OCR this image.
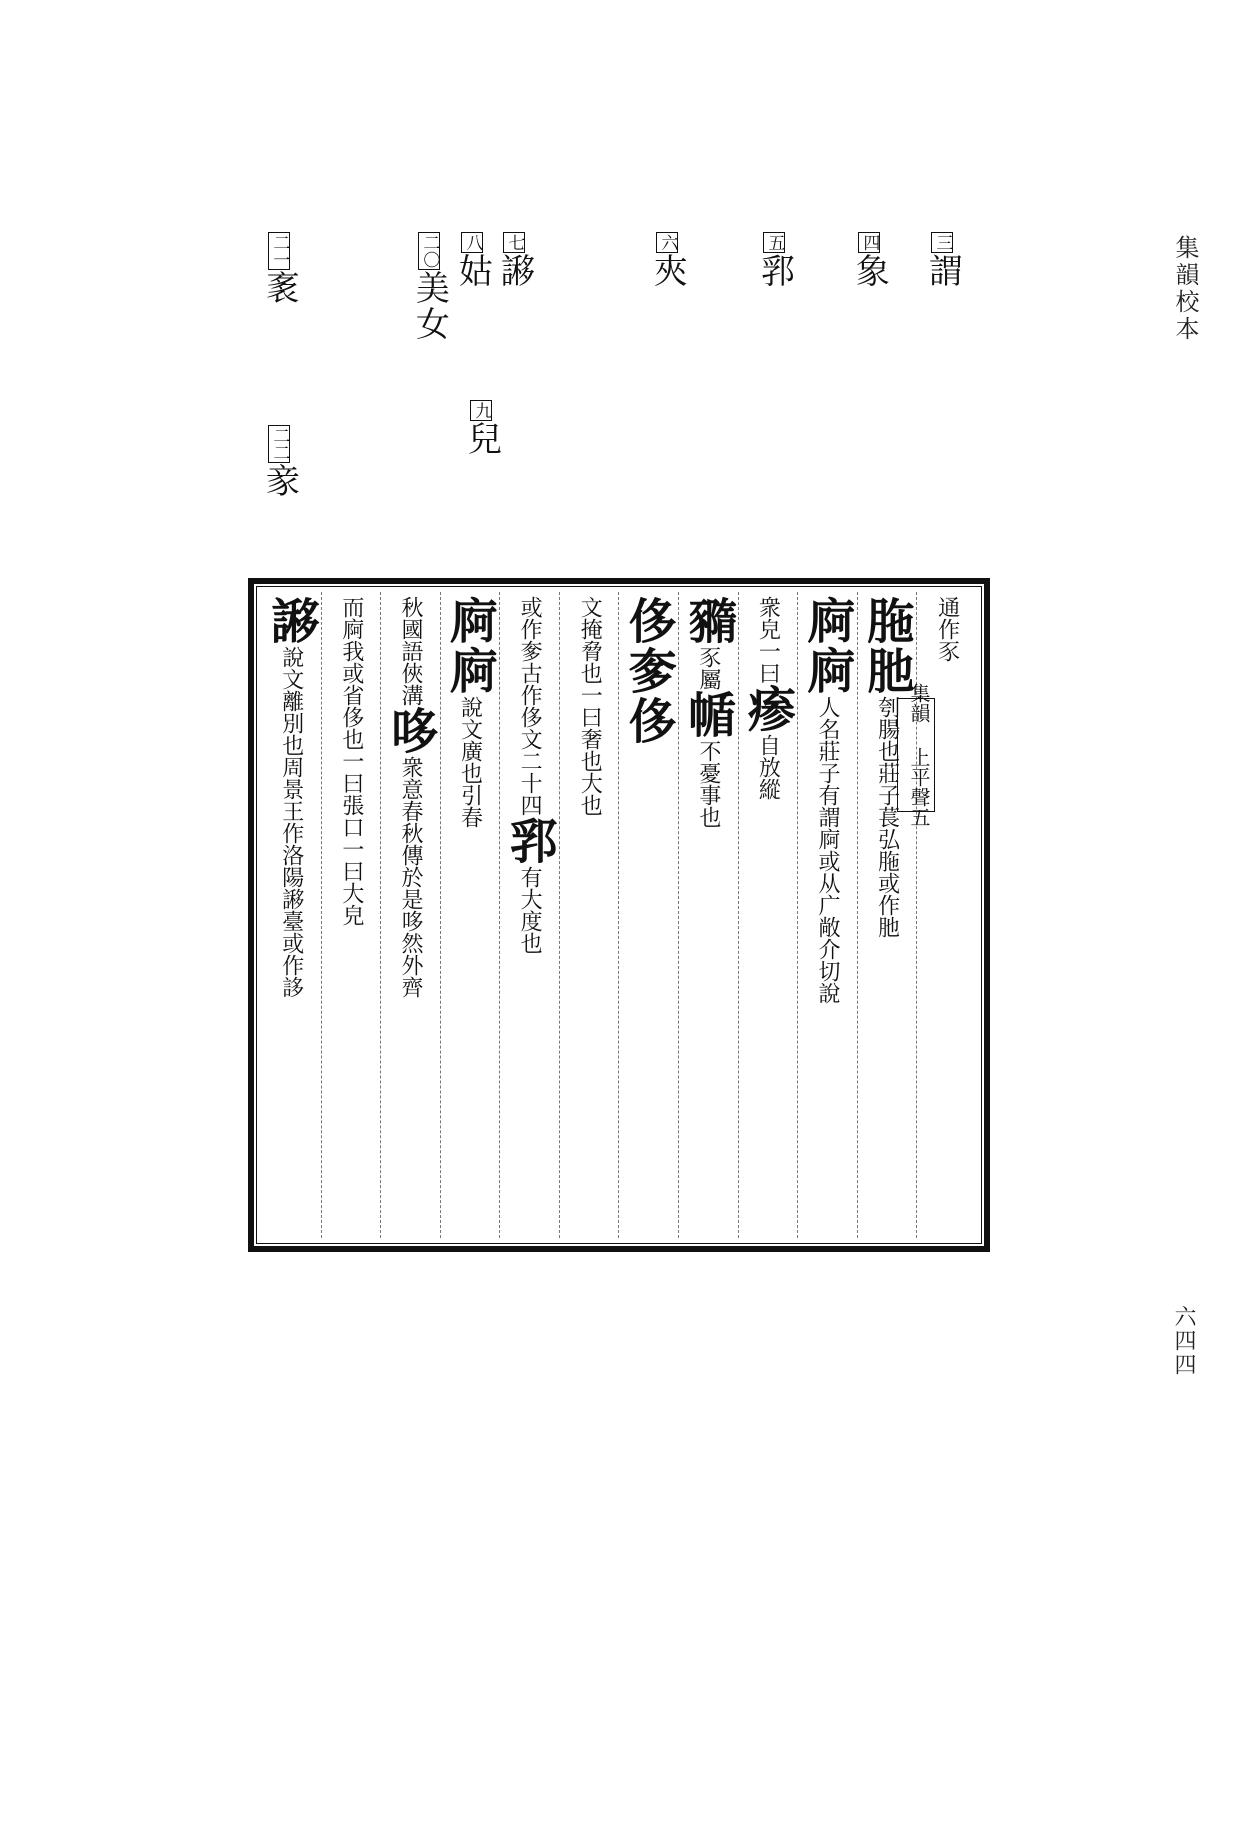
集韻校本
六四四
三謂
四象
五郛
六夾
七謻
八姑
九兒
二〇美女
二一袲
二二豙
通作豕
胣肔刳腸也莊子萇弘胣或作肔
㢌㢌人名莊子有謂㢌或从广敞介切說
衆皃一曰瘆自放縱
䝐豕屬㡒不憂事也
侈奓侈
文掩脅也一曰奢也大也
或作奓古作侈文二十四郛有大度也
㢌㢌說文廣也引春
秋國語俠溝哆衆意春秋傳於是哆然外齊
而㢌我或省侈也一曰張口一曰大皃
謻說文離別也周景王作洛陽謻臺或作誃	集韻 上平聲五
